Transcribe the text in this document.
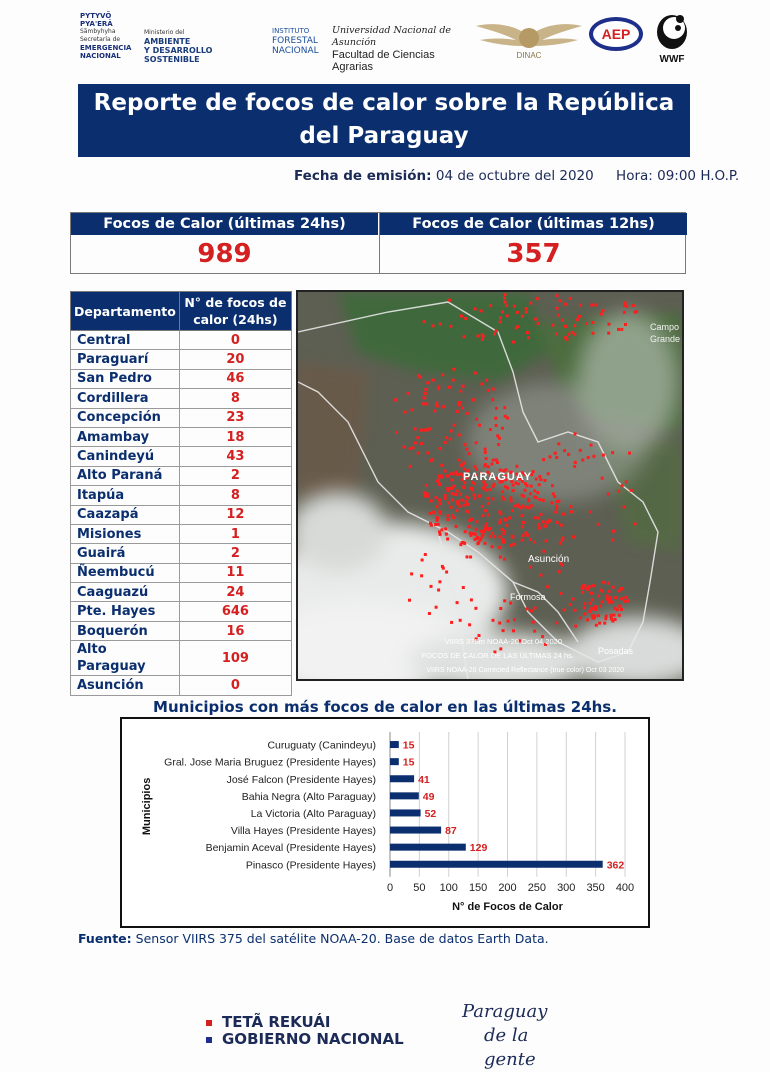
PYTYVÕ
PYA'ERÃ
Sãmbyhyha
Secretaría de
EMERGENCIA
NACIONAL
Ministerio del
AMBIENTE
Y DESARROLLO SOSTENIBLE
INSTITUTO
FORESTAL
NACIONAL
Universidad Nacional de Asunción
Facultad de Ciencias Agrarias
DINAC
AEP
WWF
Reporte de focos de calor sobre la República del Paraguay
Fecha de emisión: 04 de octubre del 2020 Hora: 09:00 H.O.P.
Focos de Calor (últimas 24hs)
989
Focos de Calor (últimas 12hs)
357
Departamento	N° de focos de calor (24hs)
Central	0
Paraguarí	20
San Pedro	46
Cordillera	8
Concepción	23
Amambay	18
Canindeyú	43
Alto Paraná	2
Itapúa	8
Caazapá	12
Misiones	1
Guairá	2
Ñeembucú	11
Caaguazú	24
Pte. Hayes	646
Boquerón	16
Alto Paraguay	109
Asunción	0
Campo
Grande
PARAGUAY
Asunción
Formosa
Posadas
VIIRS 375m NOAA-20 Oct 04 2020
FOCOS DE CALOR DE LAS ÚLTIMAS 24 hs.
VIIRS NOAA-20 Corrected Reflectance (true color) Oct 03 2020
Municipios con más focos de calor en las últimas 24hs.
0 50 100 150 200 250 300 350 400
Curuguaty (Canindeyu)	15
Gral. Jose Maria Bruguez (Presidente Hayes)	15
José Falcon (Presidente Hayes)	41
Bahia Negra (Alto Paraguay)	49
La Victoria (Alto Paraguay)	52
Villa Hayes (Presidente Hayes)	87
Benjamin Aceval (Presidente Hayes)	129
Pinasco (Presidente Hayes)	362
N° de Focos de Calor
Municipios
Fuente: Sensor VIIRS 375 del satélite NOAA-20. Base de datos Earth Data.
TETÃ REKUÁI
GOBIERNO NACIONAL
Paraguay
de la gente
